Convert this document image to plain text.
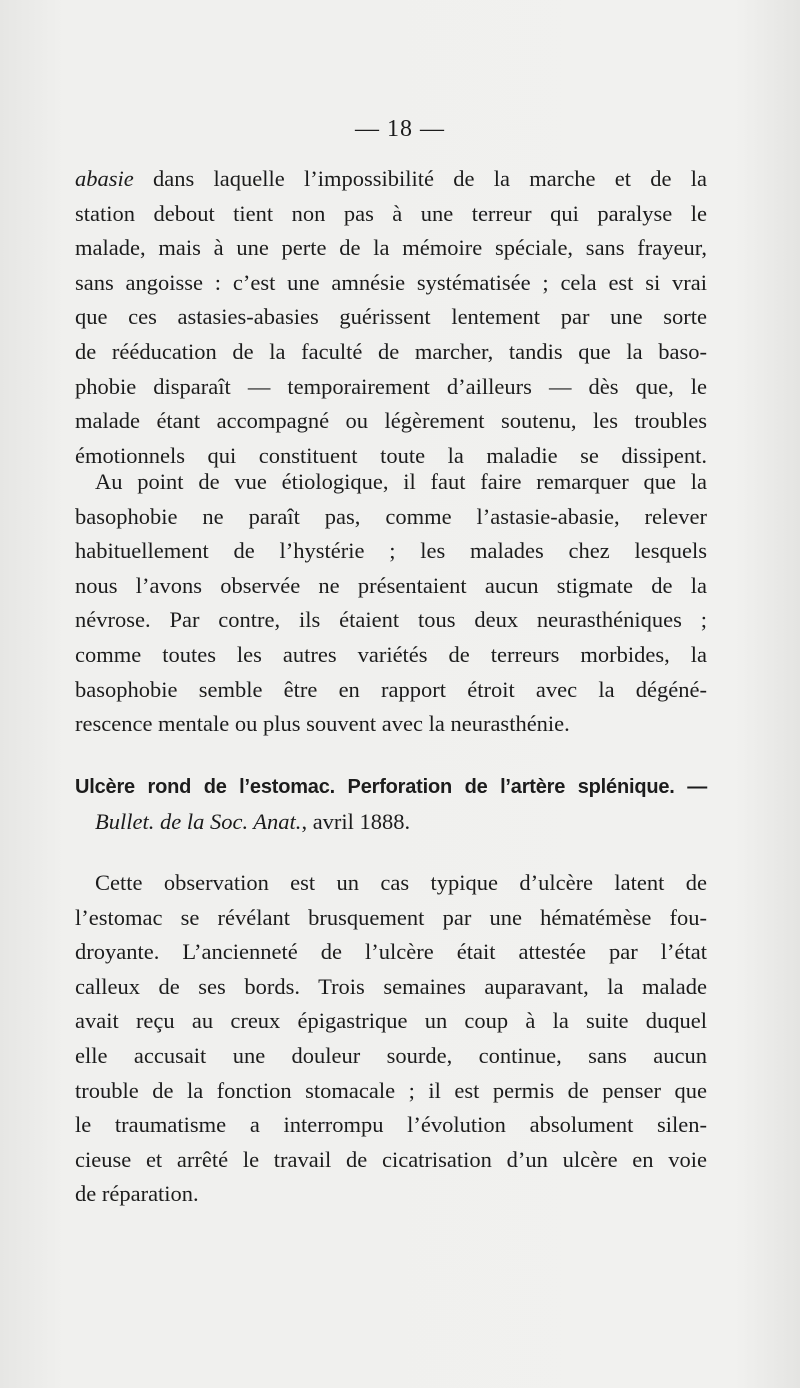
— 18 —
abasie dans laquelle l’impossibilité de la marche et de la
station debout tient non pas à une terreur qui paralyse le
malade, mais à une perte de la mémoire spéciale, sans frayeur,
sans angoisse : c’est une amnésie systématisée ; cela est si vrai
que ces astasies-abasies guérissent lentement par une sorte
de rééducation de la faculté de marcher, tandis que la baso-
phobie disparaît — temporairement d’ailleurs — dès que, le
malade étant accompagné ou légèrement soutenu, les troubles
émotionnels qui constituent toute la maladie se dissipent.
Au point de vue étiologique, il faut faire remarquer que la
basophobie ne paraît pas, comme l’astasie-abasie, relever
habituellement de l’hystérie ; les malades chez lesquels
nous l’avons observée ne présentaient aucun stigmate de la
névrose. Par contre, ils étaient tous deux neurasthéniques ;
comme toutes les autres variétés de terreurs morbides, la
basophobie semble être en rapport étroit avec la dégéné-
rescence mentale ou plus souvent avec la neurasthénie.
Ulcère rond de l’estomac. Perforation de l’artère splénique. —
Bullet. de la Soc. Anat., avril 1888.
Cette observation est un cas typique d’ulcère latent de
l’estomac se révélant brusquement par une hématémèse fou-
droyante. L’ancienneté de l’ulcère était attestée par l’état
calleux de ses bords. Trois semaines auparavant, la malade
avait reçu au creux épigastrique un coup à la suite duquel
elle accusait une douleur sourde, continue, sans aucun
trouble de la fonction stomacale ; il est permis de penser que
le traumatisme a interrompu l’évolution absolument silen-
cieuse et arrêté le travail de cicatrisation d’un ulcère en voie
de réparation.
